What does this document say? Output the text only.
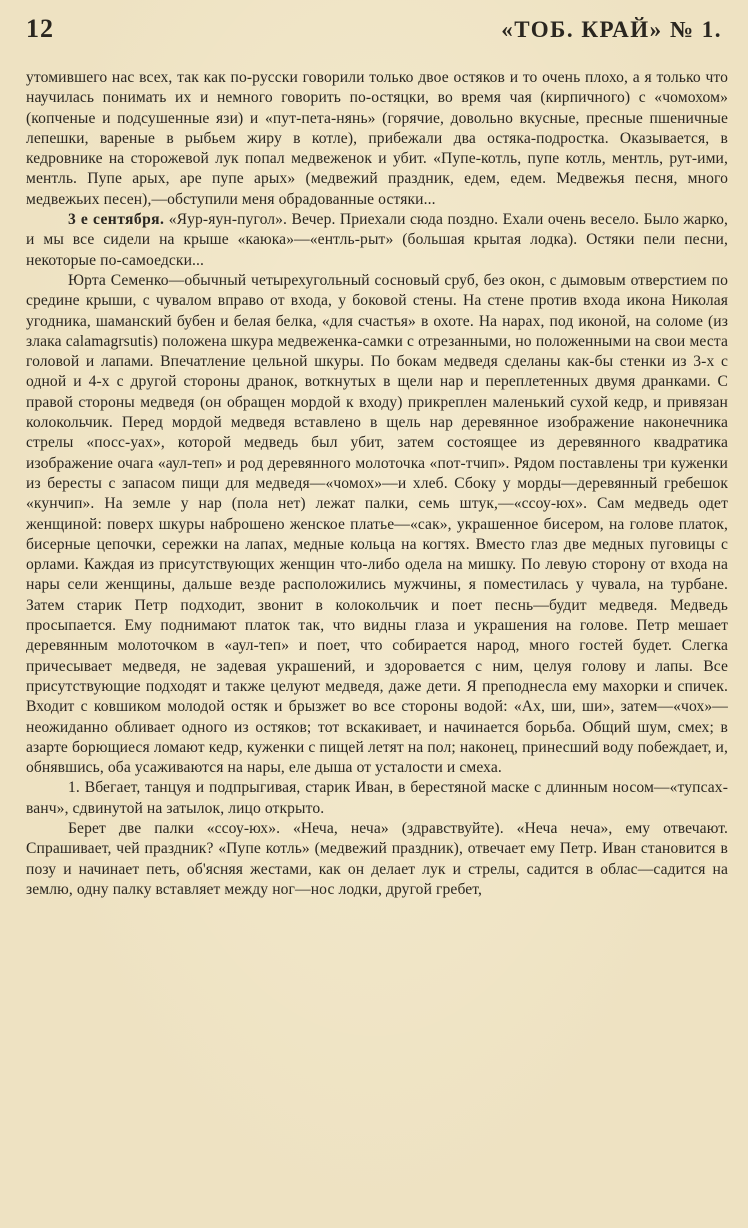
12	«ТОБ. КРАЙ» № 1.

утомившего нас всех, так как по-русски говорили только двое остяков и то очень плохо, а я только что научилась понимать их и немного говорить по-остяцки, во время чая (кирпичного) с «чомохом» (копченые и подсушенные язи) и «пут-пета-нянь» (горячие, довольно вкусные, пресные пшеничные лепешки, вареные в рыбьем жиру в котле), прибежали два остяка-подростка. Оказывается, в кедровнике на сторожевой лук попал медвеженок и убит. «Пупе-котль, пупе котль, ментль, рут-ими, ментль. Пупе арых, аре пупе арых» (медвежий праздник, едем, едем. Медвежья песня, много медвежьих песен),—обступили меня обрадованные остяки...

3 е сентября. «Яур-яун-пугол». Вечер. Приехали сюда поздно. Ехали очень весело. Было жарко, и мы все сидели на крыше «каюка»—«ентль-рыт» (большая крытая лодка). Остяки пели песни, некоторые по-самоедски...

Юрта Семенко—обычный четырехугольный сосновый сруб, без окон, с дымовым отверстием по средине крыши, с чувалом вправо от входа, у боковой стены. На стене против входа икона Николая угодника, шаманский бубен и белая белка, «для счастья» в охоте. На нарах, под иконой, на соломе (из злака calamagrsutis) положена шкура медвеженка-самки с отрезанными, но положенными на свои места головой и лапами. Впечатление цельной шкуры. По бокам медведя сделаны как-бы стенки из 3-х с одной и 4-х с другой стороны дранок, воткнутых в щели нар и переплетенных двумя дранками. С правой стороны медведя (он обращен мордой к входу) прикреплен маленький сухой кедр, и привязан колокольчик. Перед мордой медведя вставлено в щель нар деревянное изображение наконечника стрелы «посс-уах», которой медведь был убит, затем состоящее из деревянного квадратика изображение очага «аул-теп» и род деревянного молоточка «пот-тчип». Рядом поставлены три куженки из бересты с запасом пищи для медведя—«чомох»—и хлеб. Сбоку у морды—деревянный гребешок «кунчип». На земле у нар (пола нет) лежат палки, семь штук,—«ссоу-юх». Сам медведь одет женщиной: поверх шкуры наброшено женское платье—«сак», украшенное бисером, на голове платок, бисерные цепочки, сережки на лапах, медные кольца на когтях. Вместо глаз две медных пуговицы с орлами. Каждая из присутствующих женщин что-либо одела на мишку. По левую сторону от входа на нары сели женщины, дальше везде расположились мужчины, я поместилась у чувала, на турбане. Затем старик Петр подходит, звонит в колокольчик и поет песнь—будит медведя. Медведь просыпается. Ему поднимают платок так, что видны глаза и украшения на голове. Петр мешает деревянным молоточком в «аул-теп» и поет, что собирается народ, много гостей будет. Слегка причесывает медведя, не задевая украшений, и здоровается с ним, целуя голову и лапы. Все присутствующие подходят и также целуют медведя, даже дети. Я преподнесла ему махорки и спичек. Входит с ковшиком молодой остяк и брызжет во все стороны водой: «Ах, ши, ши», затем—«чох»—неожиданно обливает одного из остяков; тот вскакивает, и начинается борьба. Общий шум, смех; в азарте борющиеся ломают кедр, куженки с пищей летят на пол; наконец, принесший воду побеждает, и, обнявшись, оба усаживаются на нары, еле дыша от усталости и смеха.

1. Вбегает, танцуя и подпрыгивая, старик Иван, в берестяной маске с длинным носом—«тупсах-ванч», сдвинутой на затылок, лицо открыто.

Берет две палки «ссоу-юх». «Неча, неча» (здравствуйте). «Неча неча», ему отвечают. Спрашивает, чей праздник? «Пупе котль» (медвежий праздник), отвечает ему Петр. Иван становится в позу и начинает петь, об'ясняя жестами, как он делает лук и стрелы, садится в облас—садится на землю, одну палку вставляет между ног—нос лодки, другой гребет,
